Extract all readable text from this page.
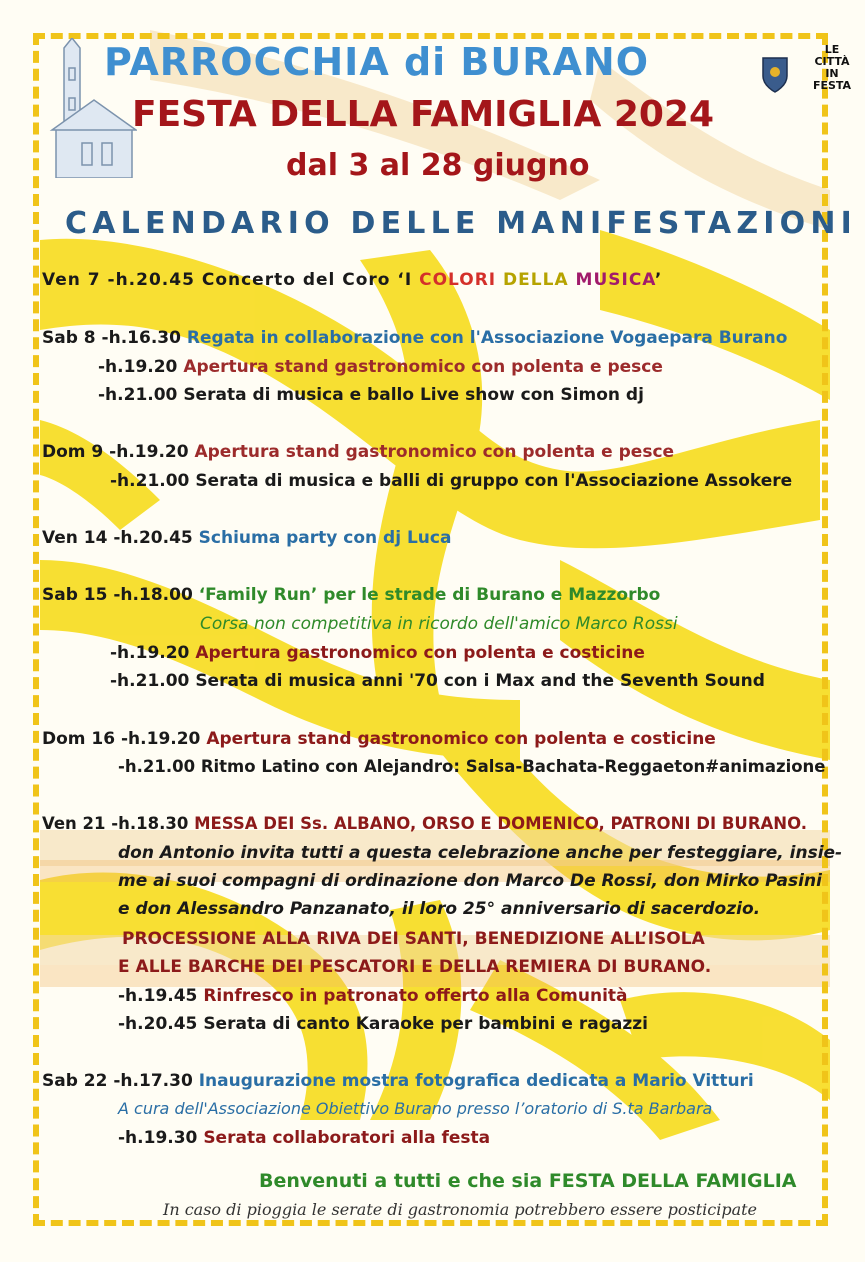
PARROCCHIA di BURANO
FESTA DELLA FAMIGLIA 2024
dal 3 al 28 giugno
CALENDARIO DELLE MANIFESTAZIONI
LE
CITTÀ
IN
FESTA

Ven 7 -h.20.45 Concerto del Coro ‘I COLORI DELLA MUSICA’

Sab 8 -h.16.30 Regata in collaborazione con l'Associazione Vogaepara Burano

-h.19.20 Apertura stand gastronomico con polenta e pesce

-h.21.00 Serata di musica e ballo Live show con Simon dj

Dom 9 -h.19.20 Apertura stand gastronomico con polenta e pesce

-h.21.00 Serata di musica e balli di gruppo con l'Associazione Assokere

Ven 14 -h.20.45 Schiuma party con dj Luca

Sab 15 -h.18.00 ‘Family Run’ per le strade di Burano e Mazzorbo

Corsa non competitiva in ricordo dell'amico Marco Rossi

-h.19.20 Apertura gastronomico con polenta e costicine

-h.21.00 Serata di musica anni '70 con i Max and the Seventh Sound

Dom 16 -h.19.20 Apertura stand gastronomico con polenta e costicine

-h.21.00 Ritmo Latino con Alejandro: Salsa-Bachata-Reggaeton#animazione

Ven 21 -h.18.30 MESSA DEI Ss. ALBANO, ORSO E DOMENICO, PATRONI DI BURANO.

don Antonio invita tutti a questa celebrazione anche per festeggiare, insie-

me ai suoi compagni di ordinazione don Marco De Rossi, don Mirko Pasini

e don Alessandro Panzanato, il loro 25° anniversario di sacerdozio.

PROCESSIONE ALLA RIVA DEI SANTI, BENEDIZIONE ALL’ISOLA

E ALLE BARCHE DEI PESCATORI E DELLA REMIERA DI BURANO.

-h.19.45 Rinfresco in patronato offerto alla Comunità

-h.20.45 Serata di canto Karaoke per bambini e ragazzi

Sab 22 -h.17.30 Inaugurazione mostra fotografica dedicata a Mario Vitturi

A cura dell'Associazione Obiettivo Burano presso l’oratorio di S.ta Barbara

-h.19.30 Serata collaboratori alla festa

Benvenuti a tutti e che sia FESTA DELLA FAMIGLIA

In caso di pioggia le serate di gastronomia potrebbero essere posticipate
